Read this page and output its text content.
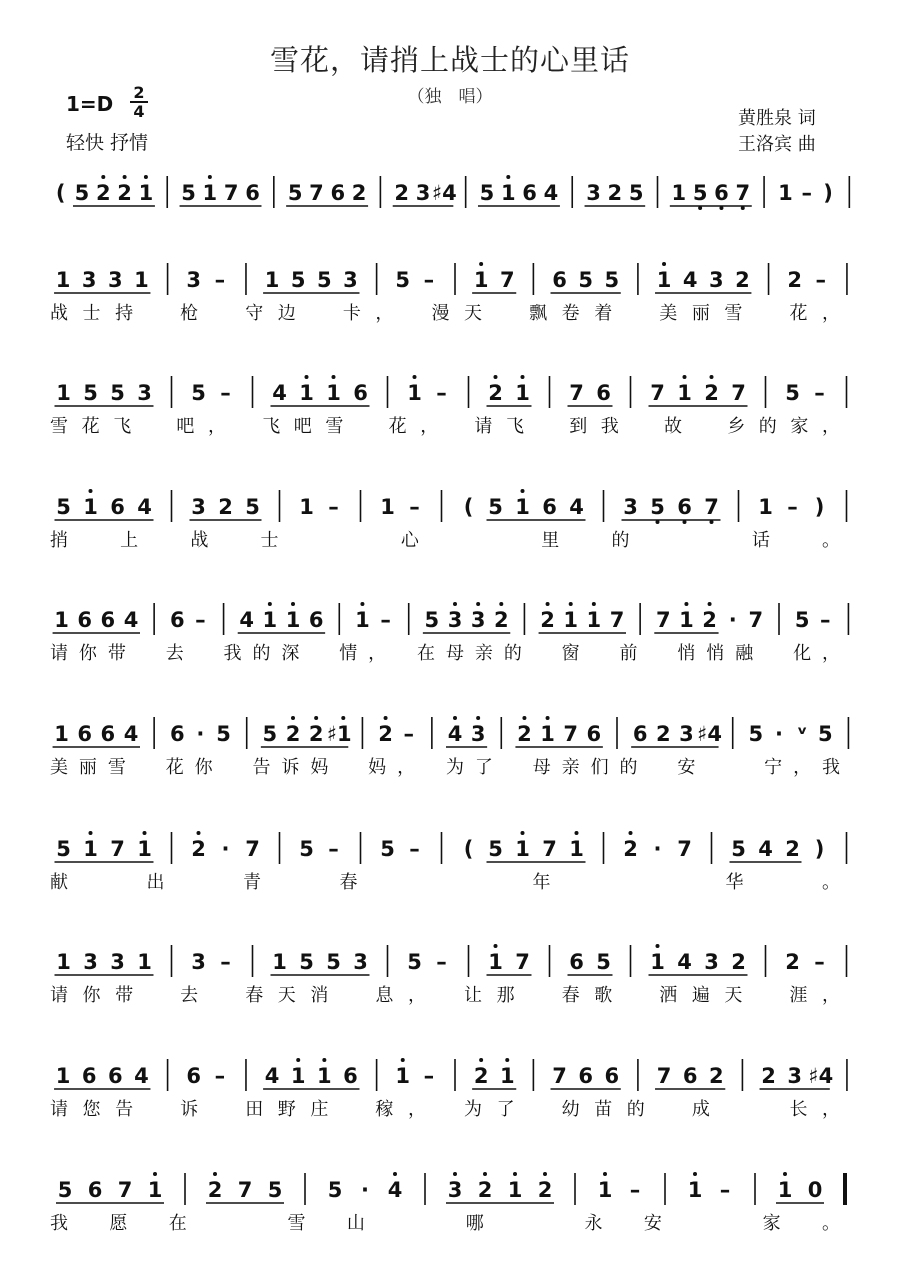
雪花，请捎上战士的心里话
（独　唱）
1=D	2
4
轻快 抒情
黄胜泉 词
王洛宾 曲
( 5 2 2 1 5 1 7 6 5 7 6 2 2 3 ♯4 5 1 6 4 3 2 5 1 5 6 7 1 – )
1 3 3 1 3 – 1 5 5 3 5 – 1 7 6 5 5 1 4 3 2 2 –
战士持　枪　守边　卡，　漫天　飘卷着　美丽雪　花，
1 5 5 3 5 – 4 1 1 6 1 – 2 1 7 6 7 1 2 7 5 –
雪花飞　吧，　飞吧雪　花，　请飞　到我　故　乡的家，
5 1 6 4 3 2 5 1 – 1 – ( 5 1 6 4 3 5 6 7 1 – )
捎上战士　心　里的　话。
1 6 6 4 6 – 4 1 1 6 1 – 5 3 3 2 2 1 1 7 7 1 2 · 7 5 –
请你带　去　我的深　情，　在母亲的　窗　前　悄悄融　化，
1 6 6 4 6 · 5 5 2 2 ♯1 2 – 4 3 2 1 7 6 6 2 3 ♯4 5 · ᵛ 5
美丽雪　花你　告诉妈　妈，　为了　母亲们的　安　　宁，我
5 1 7 1 2 · 7 5 – 5 – ( 5 1 7 1 2 · 7 5 4 2 )
献出青春　年　华。
1 3 3 1 3 – 1 5 5 3 5 – 1 7 6 5 1 4 3 2 2 –
请你带　去　春天消　息，　让那　春歌　洒遍天　涯，
1 6 6 4 6 – 4 1 1 6 1 – 2 1 7 6 6 7 6 2 2 3 ♯4
请您告　诉　田野庄　稼，　为了　幼苗的　成　　长，
5 6 7 1 2 7 5 5 · 4 3 2 1 2 1 – 1 – 1 0
我愿在　雪山　哪　永安　家。
